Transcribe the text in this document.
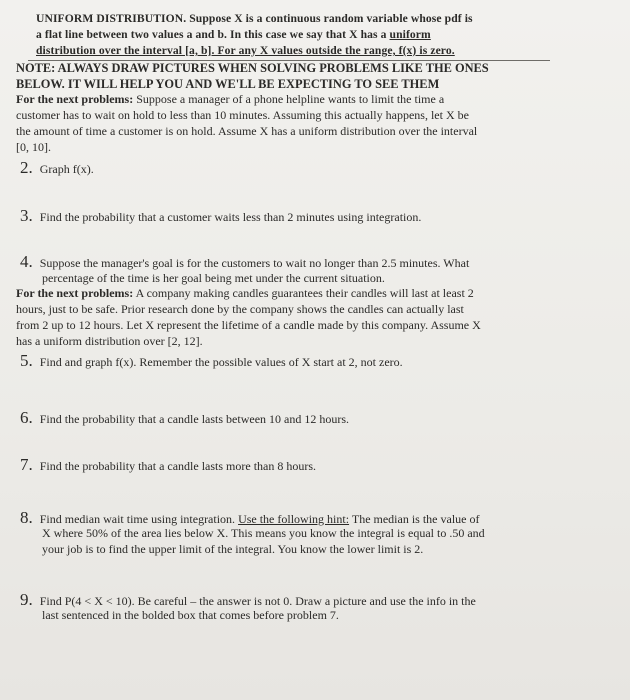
UNIFORM DISTRIBUTION. Suppose X is a continuous random variable whose pdf is
a flat line between two values a and b. In this case we say that X has a uniform
distribution over the interval [a, b]. For any X values outside the range, f(x) is zero.
NOTE: ALWAYS DRAW PICTURES WHEN SOLVING PROBLEMS LIKE THE ONES
BELOW. IT WILL HELP YOU AND WE'LL BE EXPECTING TO SEE THEM
For the next problems: Suppose a manager of a phone helpline wants to limit the time a
customer has to wait on hold to less than 10 minutes. Assuming this actually happens, let X be
the amount of time a customer is on hold. Assume X has a uniform distribution over the interval
[0, 10].
2. Graph f(x).
3. Find the probability that a customer waits less than 2 minutes using integration.
4. Suppose the manager's goal is for the customers to wait no longer than 2.5 minutes. What
percentage of the time is her goal being met under the current situation.
For the next problems: A company making candles guarantees their candles will last at least 2
hours, just to be safe. Prior research done by the company shows the candles can actually last
from 2 up to 12 hours. Let X represent the lifetime of a candle made by this company. Assume X
has a uniform distribution over [2, 12].
5. Find and graph f(x). Remember the possible values of X start at 2, not zero.
6. Find the probability that a candle lasts between 10 and 12 hours.
7. Find the probability that a candle lasts more than 8 hours.
8. Find median wait time using integration. Use the following hint: The median is the value of
X where 50% of the area lies below X. This means you know the integral is equal to .50 and
your job is to find the upper limit of the integral. You know the lower limit is 2.
9. Find P(4 < X < 10). Be careful – the answer is not 0. Draw a picture and use the info in the
last sentenced in the bolded box that comes before problem 7.
